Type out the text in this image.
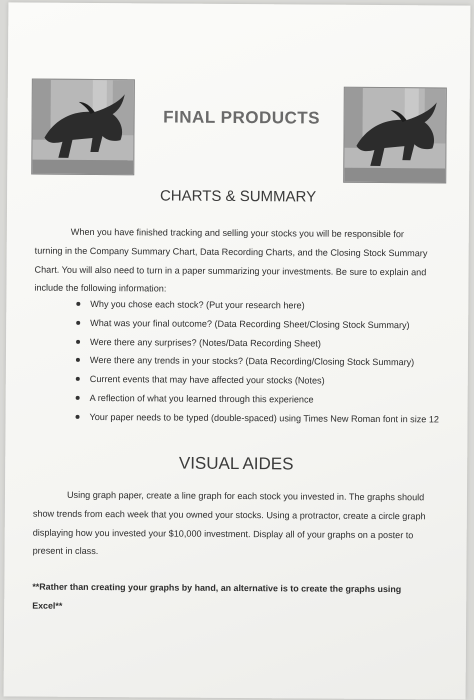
FINAL PRODUCTS
CHARTS & SUMMARY

When you have finished tracking and selling your stocks you will be responsible for turning in the Company Summary Chart, Data Recording Charts, and the Closing Stock Summary Chart. You will also need to turn in a paper summarizing your investments. Be sure to explain and include the following information:

Why you chose each stock? (Put your research here)
What was your final outcome? (Data Recording Sheet/Closing Stock Summary)
Were there any surprises? (Notes/Data Recording Sheet)
Were there any trends in your stocks? (Data Recording/Closing Stock Summary)
Current events that may have affected your stocks (Notes)
A reflection of what you learned through this experience
Your paper needs to be typed (double-spaced) using Times New Roman font in size 12
VISUAL AIDES

Using graph paper, create a line graph for each stock you invested in. The graphs should show trends from each week that you owned your stocks. Using a protractor, create a circle graph displaying how you invested your $10,000 investment. Display all of your graphs on a poster to present in class.

**Rather than creating your graphs by hand, an alternative is to create the graphs using Excel**
